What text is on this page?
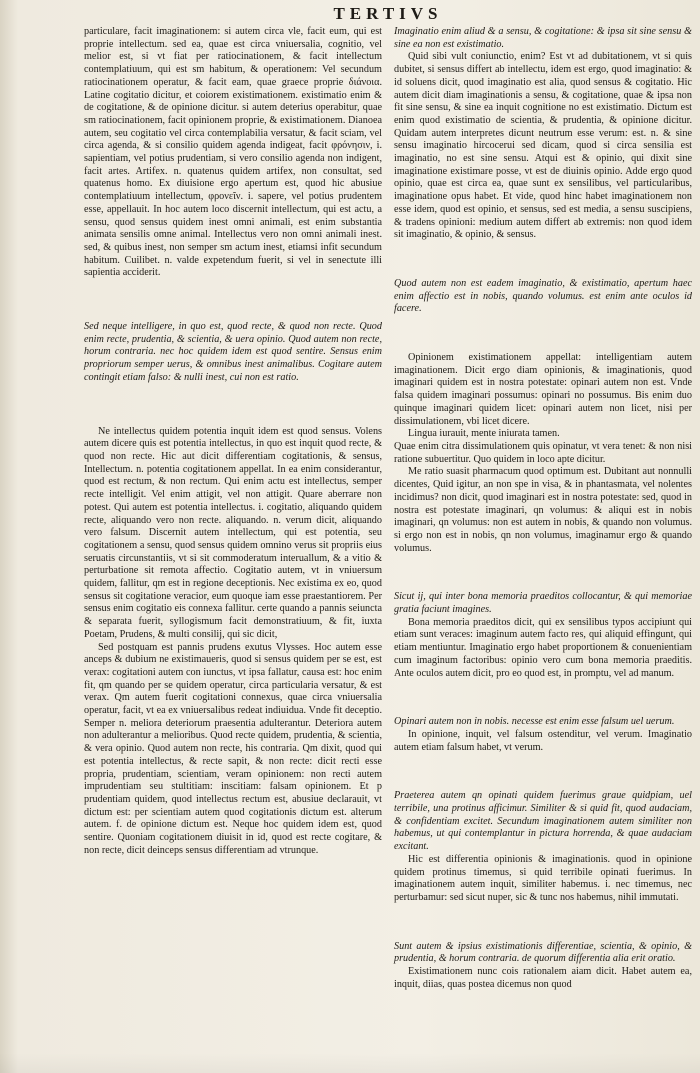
TERTIVS

particulare, facit imaginationem: si autem circa vle, facit eum, qui est proprie intellectum. sed ea, quae est circa vniuersalia, cognitio, vel melior est, si vt fiat per ratiocinationem, & facit intellectum contemplatiuum, qui est sm habitum, & operationem: Vel secundum ratiocinationem operatur, & facit eam, quae graece proprie διάνοια. Latine cogitatio dicitur, et coiorem existimationem. existimatio enim & de cogitatione, & de opinione dicitur. si autem deterius operabitur, quae sm ratiocinationem, facit opinionem proprie, & existimationem. Dianoea autem, seu cogitatio vel circa contemplabilia versatur, & facit sciam, vel circa agenda, & si consilio quidem agenda indigeat, facit φρόνησιν, i. sapientiam, vel potius prudentiam, si vero consilio agenda non indigent, facit artes. Artifex. n. quatenus quidem artifex, non consultat, sed quatenus homo. Ex diuisione ergo apertum est, quod hic abusiue contemplatiuum intellectum, φρονεῖν. i. sapere, vel potius prudentem esse, appellauit. In hoc autem loco discernit intellectum, qui est actu, a sensu, quod sensus quidem inest omni animali, est enim substantia animata sensilis omne animal. Intellectus vero non omni animali inest. sed, & quibus inest, non semper sm actum inest, etiamsi infit secundum habitum. Cuilibet. n. valde expetendum fuerit, si vel in senectute illi sapientia acciderit.

Sed neque intelligere, in quo est, quod recte, & quod non recte. Quod enim recte, prudentia, & scientia, & uera opinio. Quod autem non recte, horum contraria. nec hoc quidem idem est quod sentire. Sensus enim propriorum semper uerus, & omnibus inest animalibus. Cogitare autem contingit etiam falso: & nulli inest, cui non est ratio.

Ne intellectus quidem potentia inquit idem est quod sensus. Volens autem dicere quis est potentia intellectus, in quo est inquit quod recte, & quod non recte. Hic aut dicit differentiam cogitationis, & sensus, Intellectum. n. potentia cogitationem appellat. In ea enim considerantur, quod est rectum, & non rectum. Qui enim actu est intellectus, semper recte intelligit. Vel enim attigit, vel non attigit. Quare aberrare non potest. Qui autem est potentia intellectus. i. cogitatio, aliquando quidem recte, aliquando vero non recte. aliquando. n. verum dicit, aliquando vero falsum. Discernit autem intellectum, qui est potentia, seu cogitationem a sensu, quod sensus quidem omnino verus sit propriis eius seruatis circunstantiis, vt si sit commoderatum interuallum, & a vitio & perturbatione sit remota affectio. Cogitatio autem, vt in vniuersum quidem, fallitur, qm est in regione deceptionis. Nec existima ex eo, quod sensus sit cogitatione veracior, eum quoque iam esse praestantiorem. Per sensus enim cogitatio eis connexa fallitur. certe quando a pannis seiuncta & separata fuerit, syllogismum facit demonstratiuum, & fit, iuxta Poetam, Prudens, & multi consilij, qui sic dicit,

Sed postquam est pannis prudens exutus Vlysses. Hoc autem esse anceps & dubium ne existimaueris, quod si sensus quidem per se est, est verax: cogitationi autem con iunctus, vt ipsa fallatur, causa est: hoc enim fit, qm quando per se quidem operatur, circa particularia versatur, & est verax. Qm autem fuerit cogitationi connexus, quae circa vniuersalia operatur, facit, vt ea ex vniuersalibus redeat indiuidua. Vnde fit deceptio. Semper n. meliora deteriorum praesentia adulterantur. Deteriora autem non adulterantur a melioribus. Quod recte quidem, prudentia, & scientia, & vera opinio. Quod autem non recte, his contraria. Qm dixit, quod qui est potentia intellectus, & recte sapit, & non recte: dicit recti esse propria, prudentiam, scientiam, veram opinionem: non recti autem imprudentiam seu stultitiam: inscitiam: falsam opinionem. Et p prudentiam quidem, quod intellectus rectum est, abusiue declarauit, vt dictum est: per scientiam autem quod cogitationis dictum est. alterum autem. f. de opinione dictum est. Neque hoc quidem idem est, quod sentire. Quoniam cogitationem diuisit in id, quod est recte cogitare, & non recte, dicit deinceps sensus differentiam ad vtrunque.

Imaginatio enim aliud & a sensu, & cogitatione: & ipsa sit sine sensu & sine ea non est existimatio.

Quid sibi vult coniunctio, enim? Est vt ad dubitationem, vt si quis dubitet, si sensus differt ab intellectu, idem est ergo, quod imaginatio: & id soluens dicit, quod imaginatio est alia, quod sensus & cogitatio. Hic autem dicit diam imaginationis a sensu, & cogitatione, quae & ipsa non fit sine sensu, & sine ea inquit cognitione no est existimatio. Dictum est enim quod existimatio de scientia, & prudentia, & opinione dicitur. Quidam autem interpretes dicunt neutrum esse verum: est. n. & sine sensu imaginatio hircocerui sed dicam, quod si circa sensilia est imaginatio, no est sine sensu. Atqui est & opinio, qui dixit sine imaginatione existimare posse, vt est de diuinis opinio. Adde ergo quod opinio, quae est circa ea, quae sunt ex sensilibus, vel particularibus, imaginatione opus habet. Et vide, quod hinc habet imaginationem non esse idem, quod est opinio, et sensus, sed est media, a sensu suscipiens, & tradens opinioni: medium autem differt ab extremis: non quod idem sit imaginatio, & opinio, & sensus.

Quod autem non est eadem imaginatio, & existimatio, apertum haec enim affectio est in nobis, quando volumus. est enim ante oculos id facere.

Opinionem existimationem appellat: intelligentiam autem imaginationem. Dicit ergo diam opinionis, & imaginationis, quod imaginari quidem est in nostra potestate: opinari autem non est. Vnde falsa quidem imaginari possumus: opinari no possumus. Bis enim duo quinque imaginari quidem licet: opinari autem non licet, nisi per dissimulationem, vbi licet dicere.

Lingua iurauit, mente iniurata tamen.

Quae enim citra dissimulationem quis opinatur, vt vera tenet: & non nisi ratione subuertitur. Quo quidem in loco apte dicitur.

Me ratio suasit pharmacum quod optimum est. Dubitant aut nonnulli dicentes, Quid igitur, an non spe in visa, & in phantasmata, vel nolentes incidimus? non dicit, quod imaginari est in nostra potestate: sed, quod in nostra est potestate imaginari, qn volumus: & aliqui est in nobis imaginari, qn volumus: non est autem in nobis, & quando non volumus. si ergo non est in nobis, qn non volumus, imaginamur ergo & quando volumus.

Sicut ij, qui inter bona memoria praeditos collocantur, & qui memoriae gratia faciunt imagines.

Bona memoria praeditos dicit, qui ex sensilibus typos accipiunt qui etiam sunt veraces: imaginum autem facto res, qui aliquid effingunt, qui etiam mentiuntur. Imaginatio ergo habet proportionem & conuenientiam cum imaginum factoribus: opinio vero cum bona memoria praeditis. Ante oculos autem dicit, pro eo quod est, in promptu, vel ad manum.

Opinari autem non in nobis. necesse est enim esse falsum uel uerum.

In opinione, inquit, vel falsum ostenditur, vel verum. Imaginatio autem etiam falsum habet, vt verum.

Praeterea autem qn opinati quidem fuerimus graue quidpiam, uel terribile, una protinus afficimur. Similiter & si quid fit, quod audaciam, & confidentiam excitet. Secundum imaginationem autem similiter non habemus, ut qui contemplantur in pictura horrenda, & quae audaciam excitant.

Hic est differentia opinionis & imaginationis. quod in opinione quidem protinus timemus, si quid terribile opinati fuerimus. In imaginationem autem inquit, similiter habemus. i. nec timemus, nec perturbamur: sed sicut nuper, sic & tunc nos habemus, nihil immutati.

Sunt autem & ipsius existimationis differentiae, scientia, & opinio, & prudentia, & horum contraria. de quorum differentia alia erit oratio.

Existimationem nunc cois rationalem aiam dicit. Habet autem ea, inquit, diias, quas postea dicemus non quod
